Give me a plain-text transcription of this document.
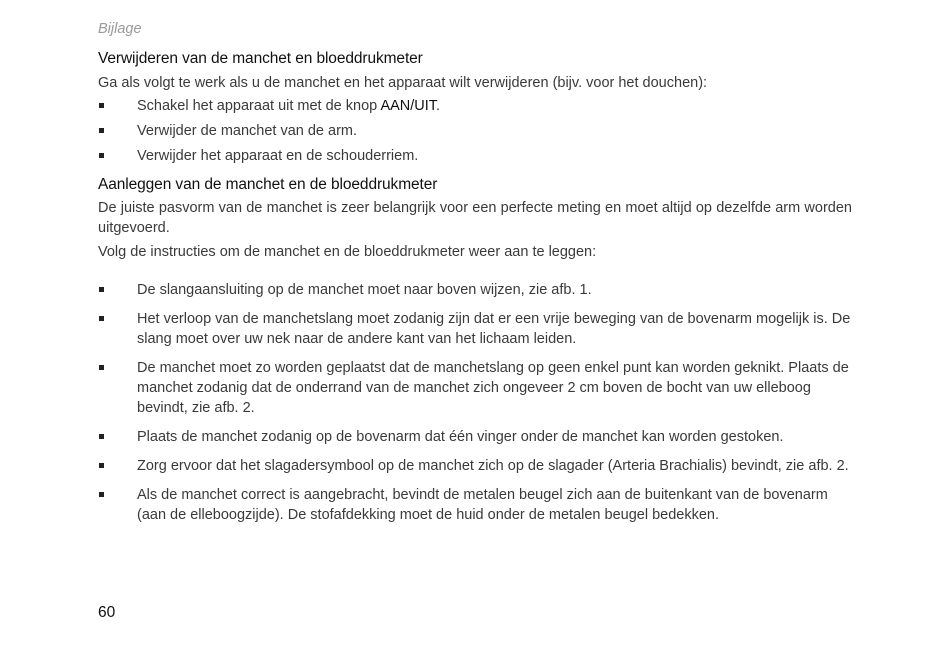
Bijlage
Verwijderen van de manchet en bloeddrukmeter

Ga als volgt te werk als u de manchet en het apparaat wilt verwijderen (bijv. voor het douchen):

Schakel het apparaat uit met de knop AAN/UIT.
Verwijder de manchet van de arm.
Verwijder het apparaat en de schouderriem.
Aanleggen van de manchet en de bloeddrukmeter

De juiste pasvorm van de manchet is zeer belangrijk voor een perfecte meting en moet altijd op dezelfde arm worden uitgevoerd.

Volg de instructies om de manchet en de bloeddrukmeter weer aan te leggen:

De slangaansluiting op de manchet moet naar boven wijzen, zie afb. 1.
Het verloop van de manchetslang moet zodanig zijn dat er een vrije beweging van de bovenarm mogelijk is. De slang moet over uw nek naar de andere kant van het lichaam leiden.
De manchet moet zo worden geplaatst dat de manchetslang op geen enkel punt kan worden geknikt. Plaats de manchet zodanig dat de onderrand van de manchet zich ongeveer 2 cm boven de bocht van uw elleboog bevindt, zie afb. 2.
Plaats de manchet zodanig op de bovenarm dat één vinger onder de manchet kan worden gestoken.
Zorg ervoor dat het slagadersymbool op de manchet zich op de slagader (Arteria Brachialis) bevindt, zie afb. 2.
Als de manchet correct is aangebracht, bevindt de metalen beugel zich aan de buitenkant van de bovenarm (aan de elleboogzijde). De stofafdekking moet de huid onder de metalen beugel bedekken.
60
